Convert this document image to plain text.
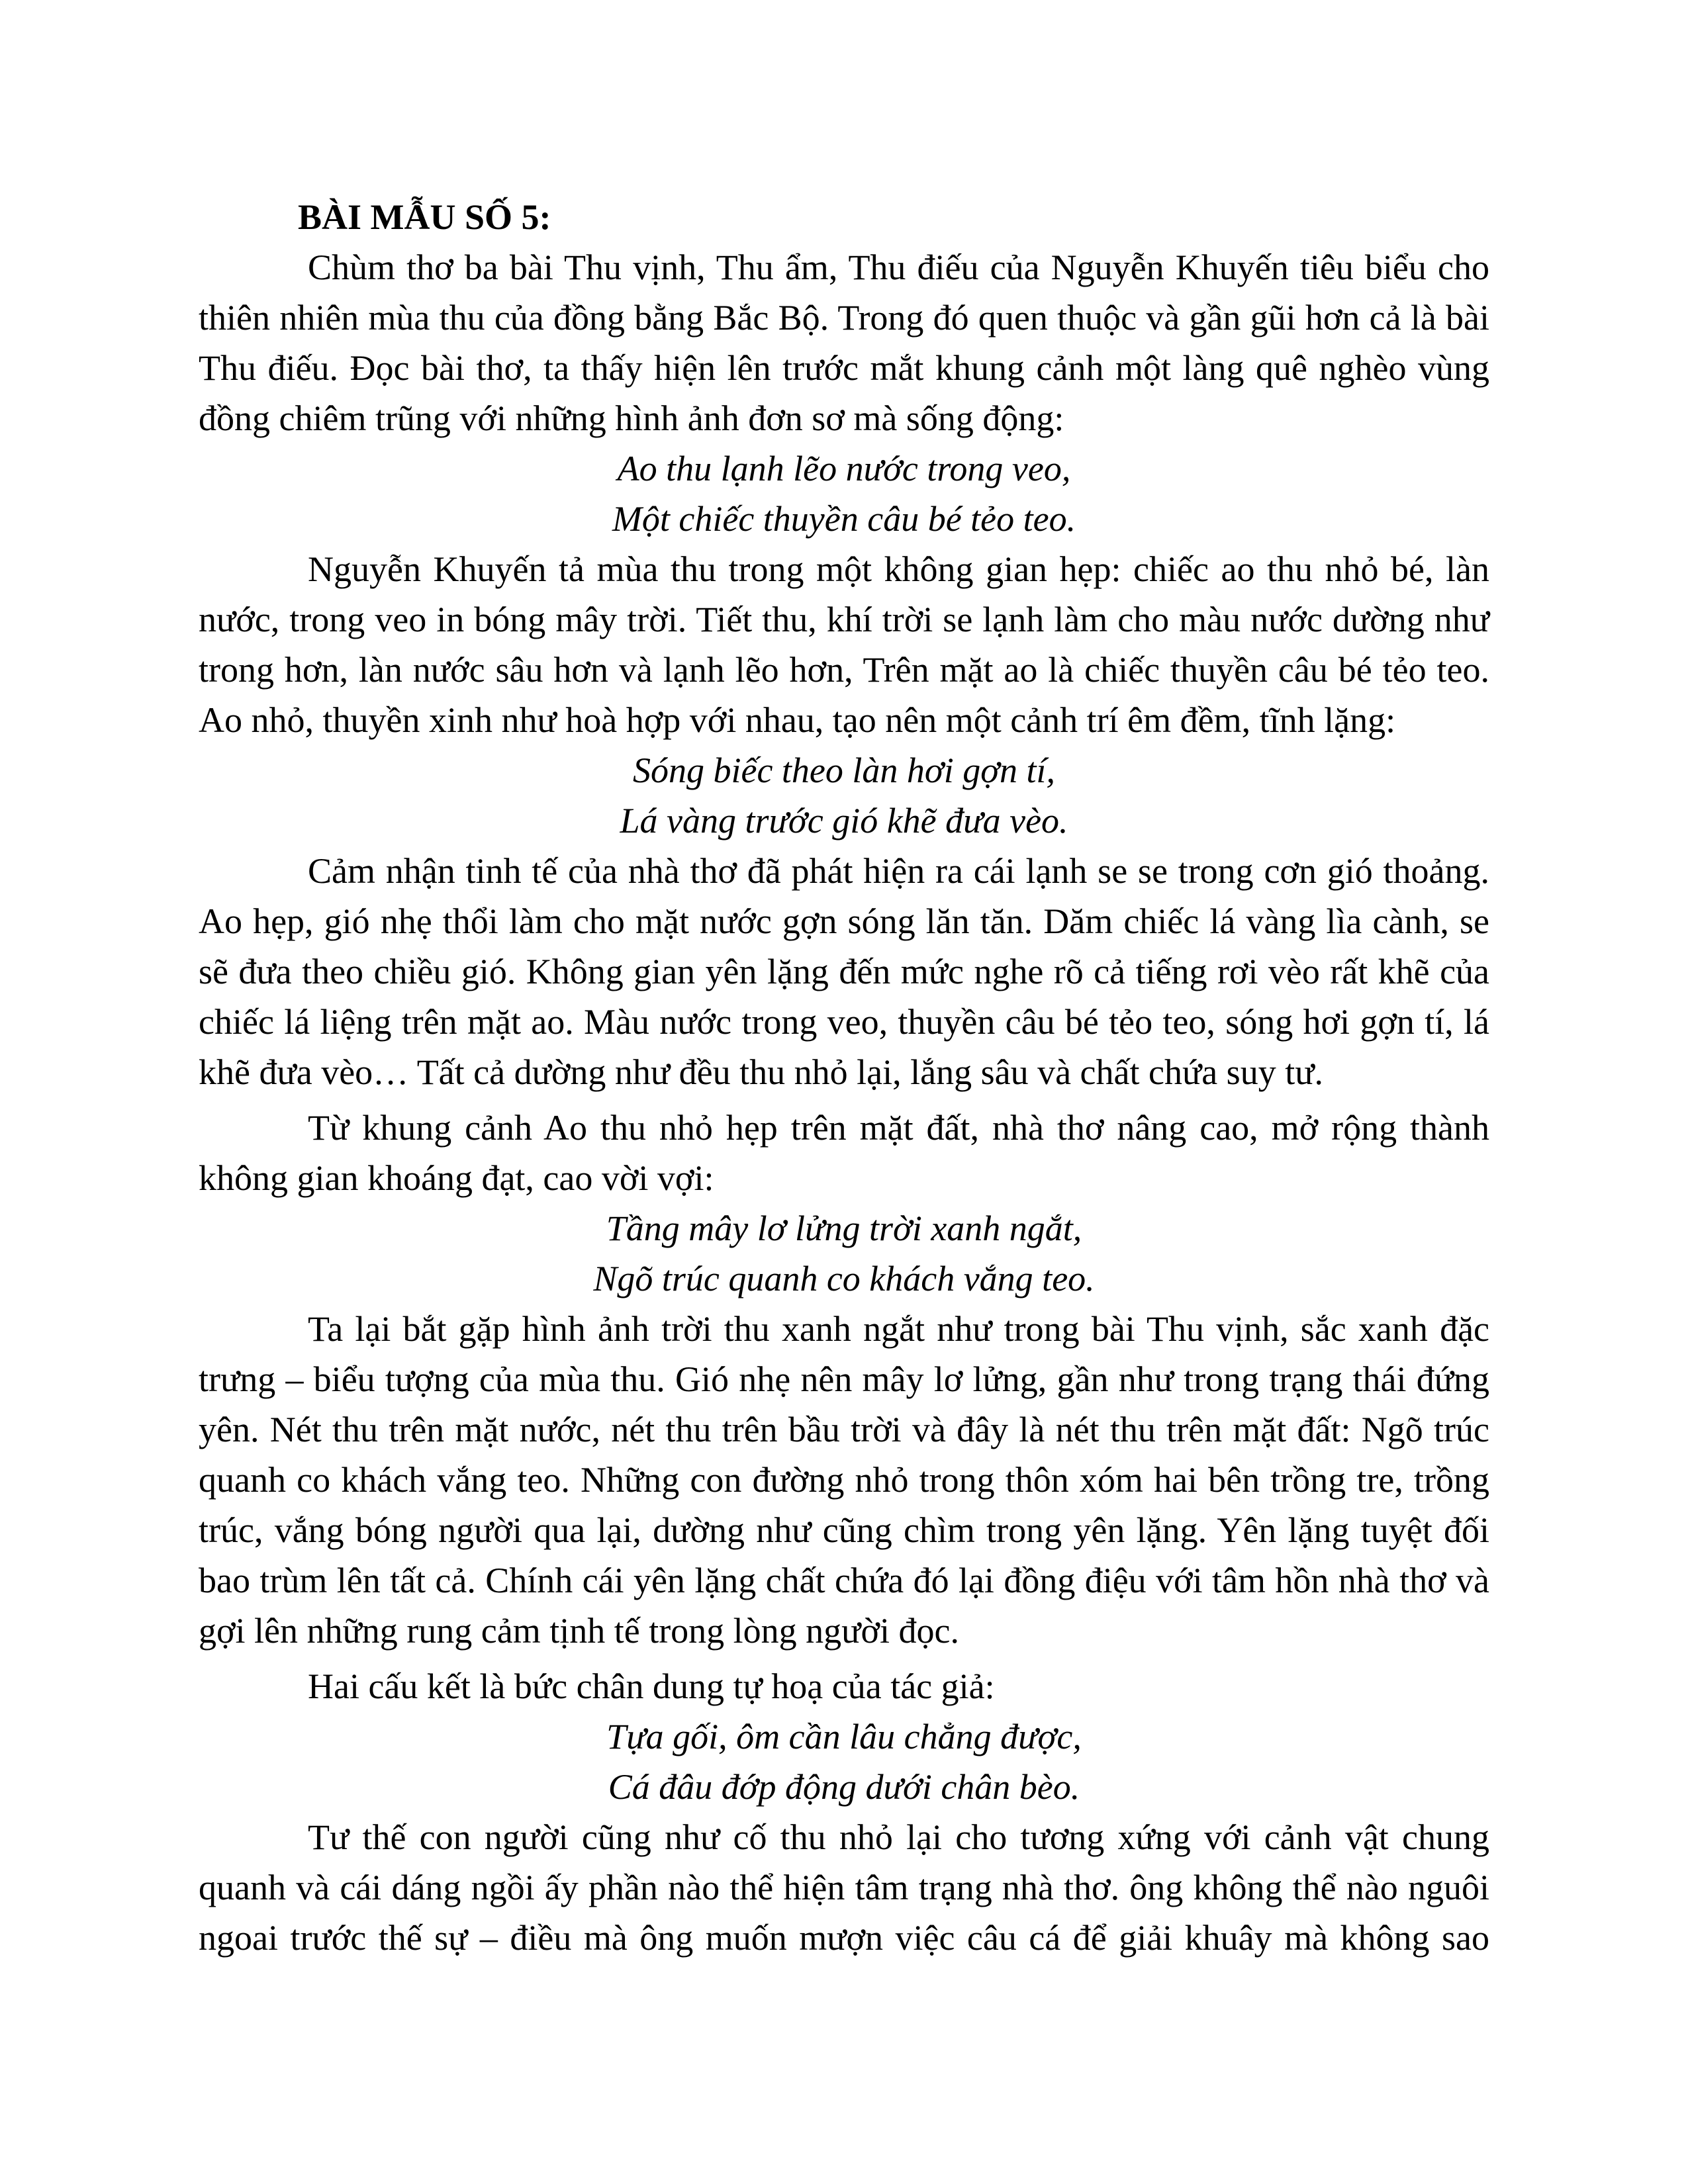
BÀI MẪU SỐ 5:

Chùm thơ ba bài Thu vịnh, Thu ẩm, Thu điếu của Nguyễn Khuyến tiêu biểu cho thiên nhiên mùa thu của đồng bằng Bắc Bộ. Trong đó quen thuộc và gần gũi hơn cả là bài Thu điếu. Đọc bài thơ, ta thấy hiện lên trước mắt khung cảnh một làng quê nghèo vùng đồng chiêm trũng với những hình ảnh đơn sơ mà sống động:

Ao thu lạnh lẽo nước trong veo,
Một chiếc thuyền câu bé tẻo teo.

Nguyễn Khuyến tả mùa thu trong một không gian hẹp: chiếc ao thu nhỏ bé, làn nước, trong veo in bóng mây trời. Tiết thu, khí trời se lạnh làm cho màu nước dường như trong hơn, làn nước sâu hơn và lạnh lẽo hơn, Trên mặt ao là chiếc thuyền câu bé tẻo teo. Ao nhỏ, thuyền xinh như hoà hợp với nhau, tạo nên một cảnh trí êm đềm, tĩnh lặng:

Sóng biếc theo làn hơi gợn tí,
Lá vàng trước gió khẽ đưa vèo.

Cảm nhận tinh tế của nhà thơ đã phát hiện ra cái lạnh se se trong cơn gió thoảng. Ao hẹp, gió nhẹ thổi làm cho mặt nước gợn sóng lăn tăn. Dăm chiếc lá vàng lìa cành, se sẽ đưa theo chiều gió. Không gian yên lặng đến mức nghe rõ cả tiếng rơi vèo rất khẽ của chiếc lá liệng trên mặt ao. Màu nước trong veo, thuyền câu bé tẻo teo, sóng hơi gợn tí, lá khẽ đưa vèo… Tất cả dường như đều thu nhỏ lại, lắng sâu và chất chứa suy tư.

Từ khung cảnh Ao thu nhỏ hẹp trên mặt đất, nhà thơ nâng cao, mở rộng thành không gian khoáng đạt, cao vời vợi:

Tầng mây lơ lửng trời xanh ngắt,
Ngõ trúc quanh co khách vắng teo.

Ta lại bắt gặp hình ảnh trời thu xanh ngắt như trong bài Thu vịnh, sắc xanh đặc trưng – biểu tượng của mùa thu. Gió nhẹ nên mây lơ lửng, gần như trong trạng thái đứng yên. Nét thu trên mặt nước, nét thu trên bầu trời và đây là nét thu trên mặt đất: Ngõ trúc quanh co khách vắng teo. Những con đường nhỏ trong thôn xóm hai bên trồng tre, trồng trúc, vắng bóng người qua lại, dường như cũng chìm trong yên lặng. Yên lặng tuyệt đối bao trùm lên tất cả. Chính cái yên lặng chất chứa đó lại đồng điệu với tâm hồn nhà thơ và gợi lên những rung cảm tịnh tế trong lòng người đọc.

Hai cấu kết là bức chân dung tự hoạ của tác giả:

Tựa gối, ôm cần lâu chẳng được,
Cá đâu đớp động dưới chân bèo.

Tư thế con người cũng như cố thu nhỏ lại cho tương xứng với cảnh vật chung quanh và cái dáng ngồi ấy phần nào thể hiện tâm trạng nhà thơ. ông không thể nào nguôi ngoai trước thế sự – điều mà ông muốn mượn việc câu cá để giải khuây mà không sao
